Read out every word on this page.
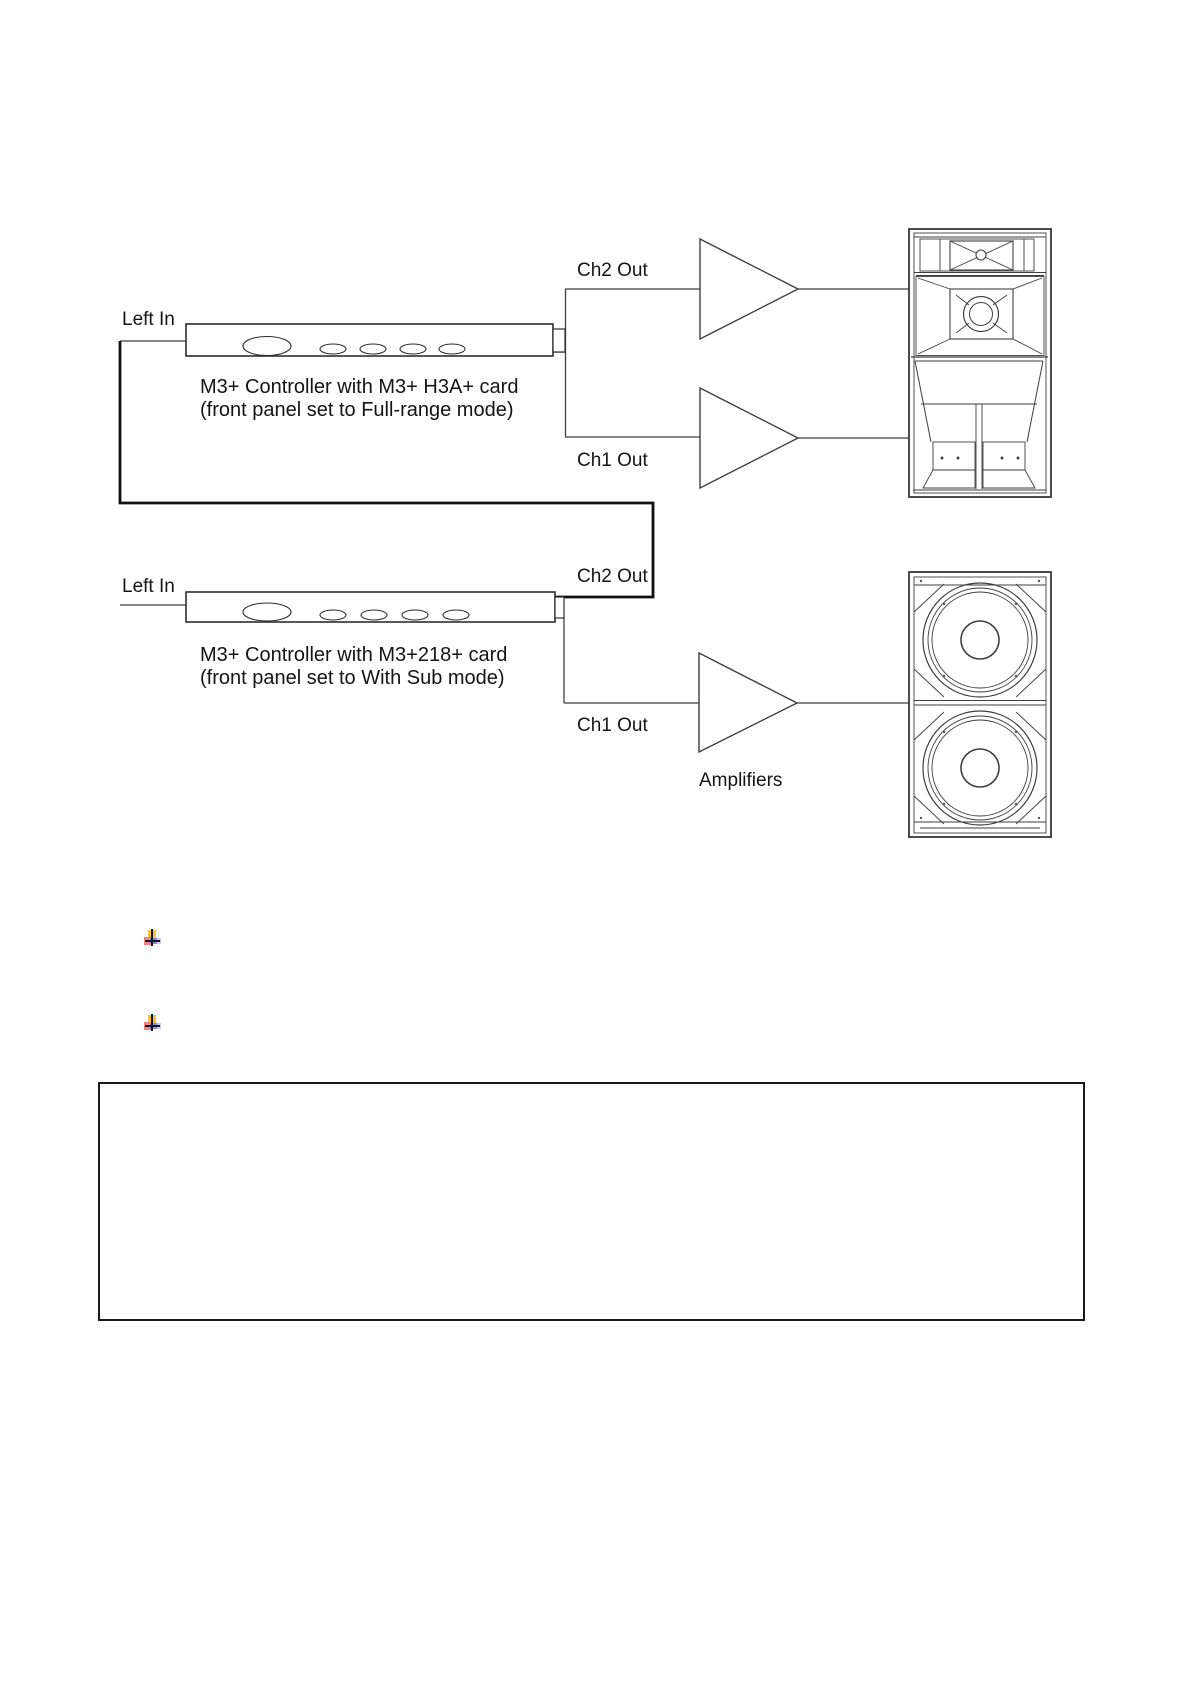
Left In
Ch2 Out
Ch1 Out
M3+ Controller with M3+ H3A+ card
(front panel set to Full-range mode)
Left In	Ch2 Out
M3+ Controller with M3+218+ card
(front panel set to With Sub mode)
Ch1 Out
Amplifiers
